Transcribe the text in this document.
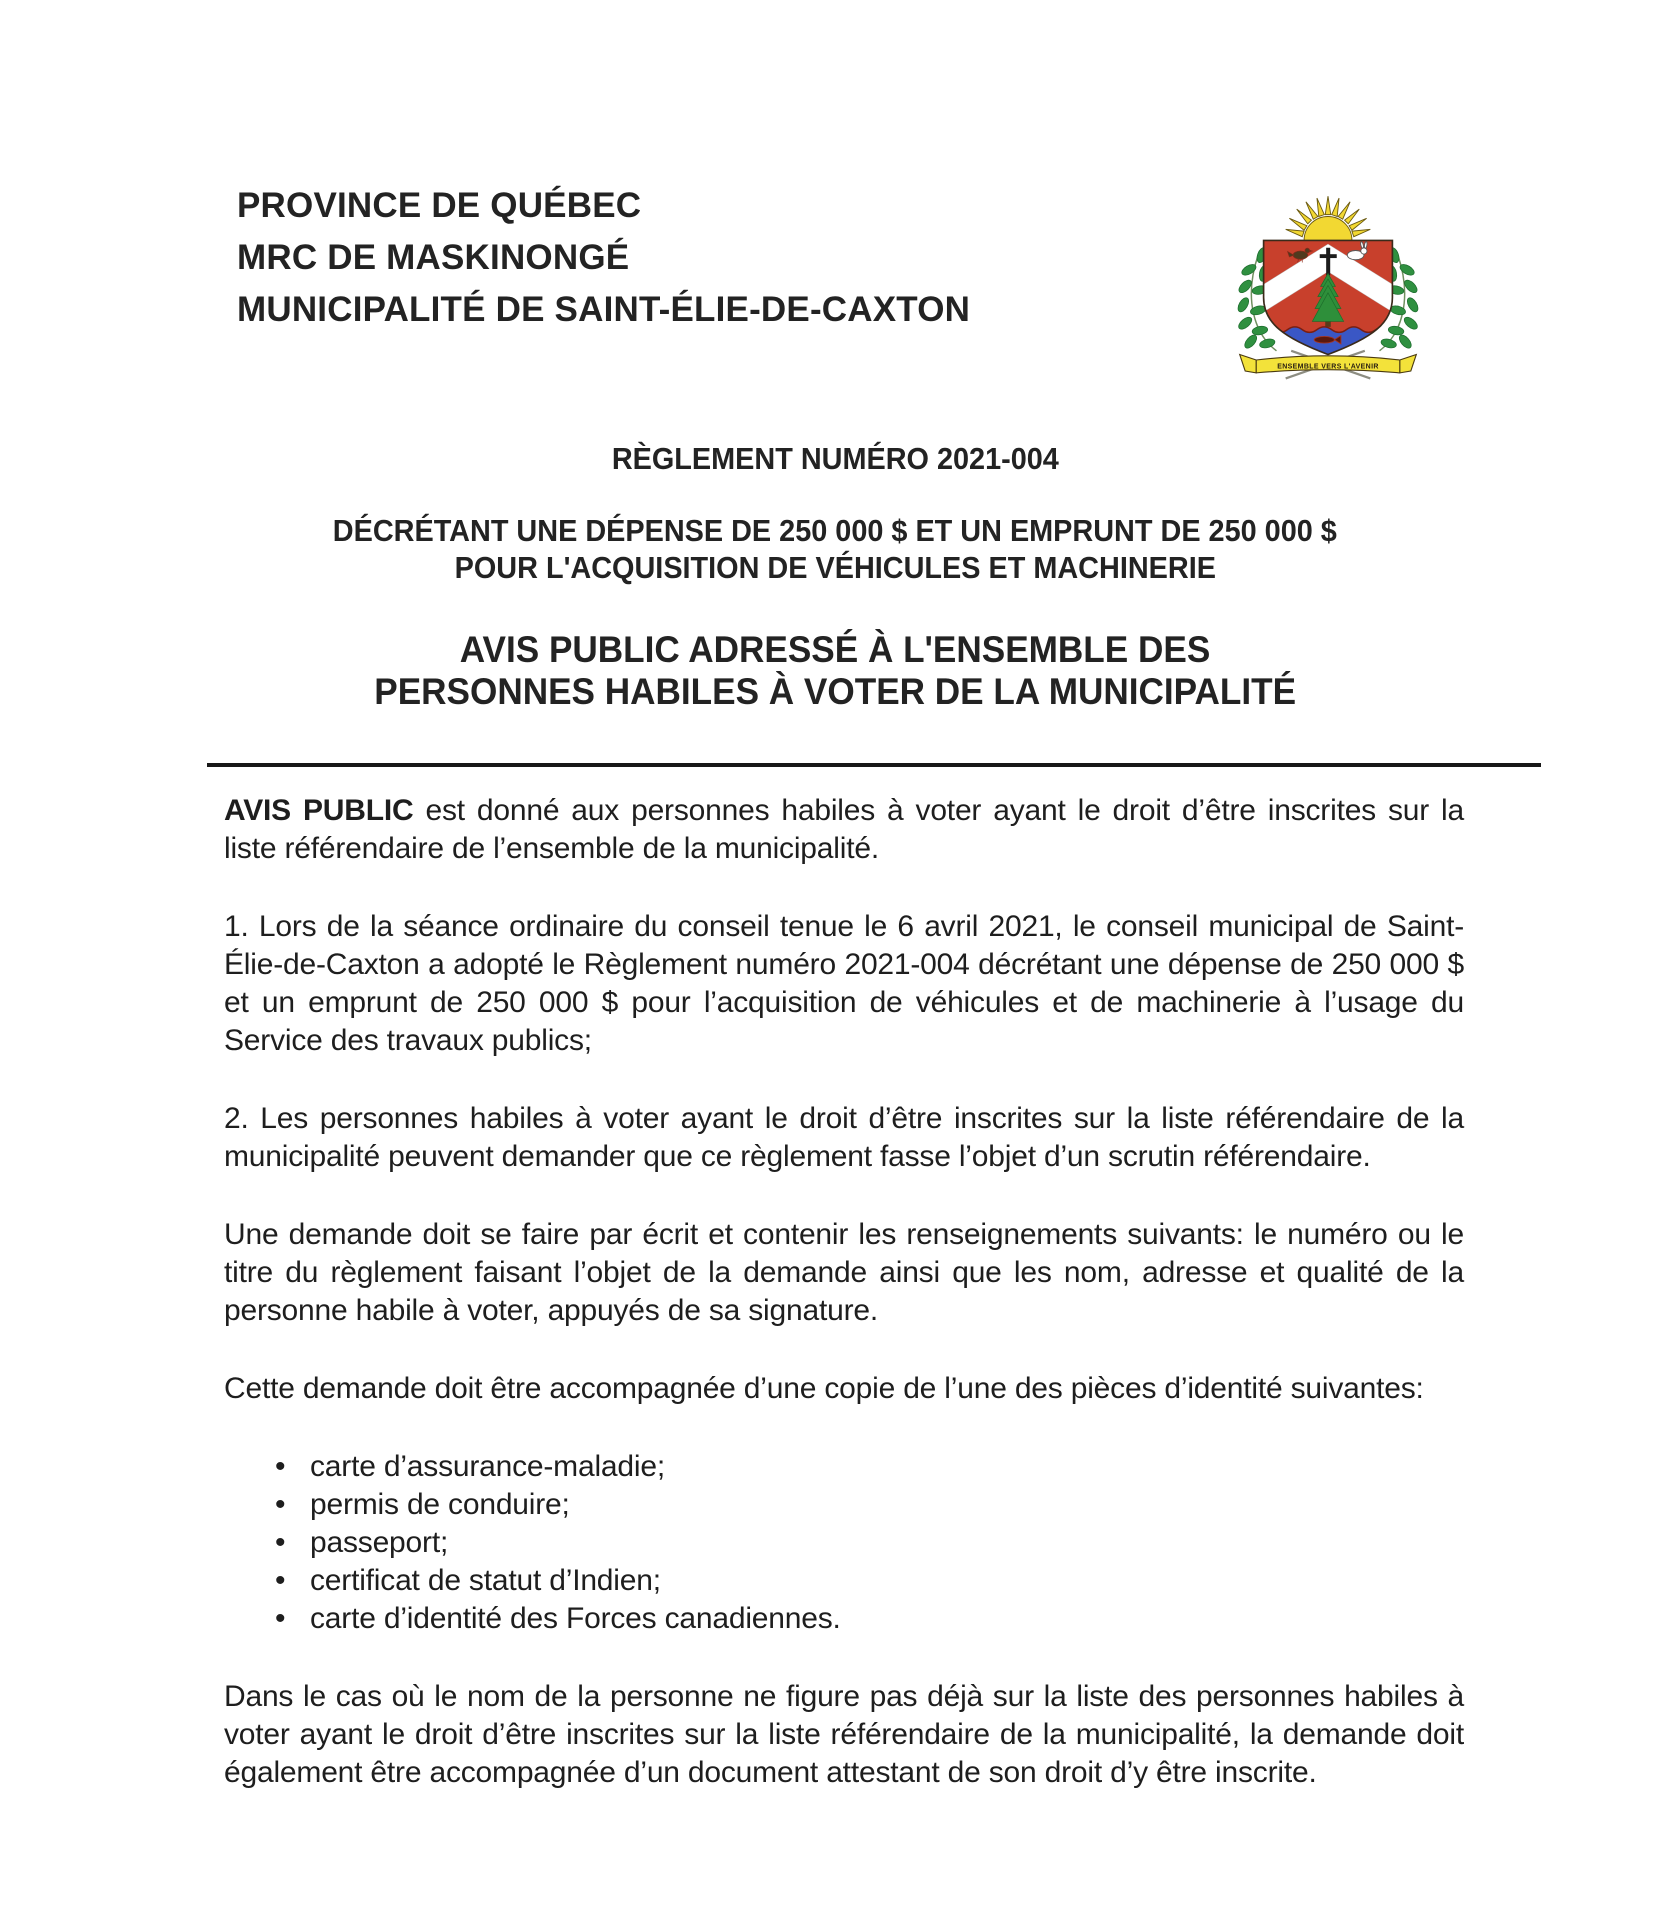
PROVINCE DE QUÉBEC
MRC DE MASKINONGÉ
MUNICIPALITÉ DE SAINT-ÉLIE-DE-CAXTON
ENSEMBLE VERS L'AVENIR
RÈGLEMENT NUMÉRO 2021-004
DÉCRÉTANT UNE DÉPENSE DE 250 000 $ ET UN EMPRUNT DE 250 000 $
POUR L'ACQUISITION DE VÉHICULES ET MACHINERIE
AVIS PUBLIC ADRESSÉ À L'ENSEMBLE DES
PERSONNES HABILES À VOTER DE LA MUNICIPALITÉ

AVIS PUBLIC est donné aux personnes habiles à voter ayant le droit d’être inscrites sur la liste référendaire de l’ensemble de la municipalité.

1. Lors de la séance ordinaire du conseil tenue le 6 avril 2021, le conseil municipal de Saint-Élie-de-Caxton a adopté le Règlement numéro 2021-004 décrétant une dépense de 250 000 $ et un emprunt de 250 000 $ pour l’acquisition de véhicules et de machinerie à l’usage du Service des travaux publics;

2. Les personnes habiles à voter ayant le droit d’être inscrites sur la liste référendaire de la municipalité peuvent demander que ce règlement fasse l’objet d’un scrutin référendaire.

Une demande doit se faire par écrit et contenir les renseignements suivants: le numéro ou le titre du règlement faisant l’objet de la demande ainsi que les nom, adresse et qualité de la personne habile à voter, appuyés de sa signature.

Cette demande doit être accompagnée d’une copie de l’une des pièces d’identité suivantes:

• carte d’assurance-maladie;
• permis de conduire;
• passeport;
• certificat de statut d’Indien;
• carte d’identité des Forces canadiennes.

Dans le cas où le nom de la personne ne figure pas déjà sur la liste des personnes habiles à voter ayant le droit d’être inscrites sur la liste référendaire de la municipalité, la demande doit également être accompagnée d’un document attestant de son droit d’y être inscrite.
